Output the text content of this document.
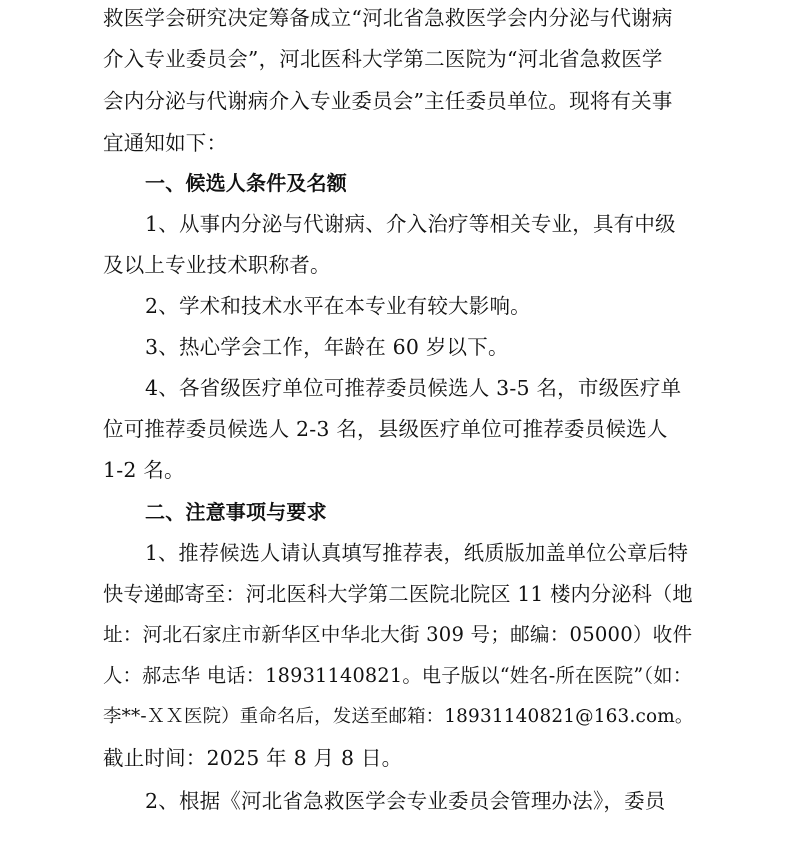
救医学会研究决定筹备成立“河北省急救医学会内分泌与代谢病
介入专业委员会”，河北医科大学第二医院为“河北省急救医学
会内分泌与代谢病介入专业委员会”主任委员单位。现将有关事
宜通知如下：
一、候选人条件及名额
1、从事内分泌与代谢病、介入治疗等相关专业，具有中级
及以上专业技术职称者。
2、学术和技术水平在本专业有较大影响。
3、热心学会工作，年龄在 60 岁以下。
4、各省级医疗单位可推荐委员候选人 3-5 名，市级医疗单
位可推荐委员候选人 2-3 名，县级医疗单位可推荐委员候选人
1-2 名。
二、注意事项与要求
1、推荐候选人请认真填写推荐表，纸质版加盖单位公章后特
快专递邮寄至：河北医科大学第二医院北院区 11 楼内分泌科（地
址：河北石家庄市新华区中华北大街 309 号；邮编：05000）收件
人：郝志华 电话：18931140821。电子版以“姓名-所在医院”（如：
李**-ＸＸ医院）重命名后，发送至邮箱：18931140821@163.com。
截止时间：2025 年 8 月 8 日。
2、根据《河北省急救医学会专业委员会管理办法》，委员
